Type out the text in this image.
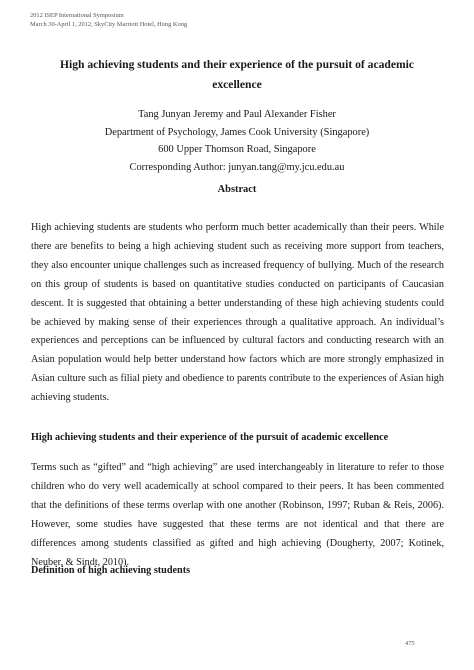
2012 ISEP International Symposium
March 30-April 1, 2012, SkyCity Marriott Hotel, Hong Kong
High achieving students and their experience of the pursuit of academic excellence
Tang Junyan Jeremy and Paul Alexander Fisher
Department of Psychology, James Cook University (Singapore)
600 Upper Thomson Road, Singapore
Corresponding Author: junyan.tang@my.jcu.edu.au
Abstract
High achieving students are students who perform much better academically than their peers. While there are benefits to being a high achieving student such as receiving more support from teachers, they also encounter unique challenges such as increased frequency of bullying. Much of the research on this group of students is based on quantitative studies conducted on participants of Caucasian descent. It is suggested that obtaining a better understanding of these high achieving students could be achieved by making sense of their experiences through a qualitative approach. An individual’s experiences and perceptions can be influenced by cultural factors and conducting research with an Asian population would help better understand how factors which are more strongly emphasized in Asian culture such as filial piety and obedience to parents contribute to the experiences of Asian high achieving students.
High achieving students and their experience of the pursuit of academic excellence
Terms such as “gifted” and “high achieving” are used interchangeably in literature to refer to those children who do very well academically at school compared to their peers. It has been commented that the definitions of these terms overlap with one another (Robinson, 1997; Ruban & Reis, 2006). However, some studies have suggested that these terms are not identical and that there are differences among students classified as gifted and high achieving (Dougherty, 2007; Kotinek, Neuber, & Sindt, 2010).
Definition of high achieving students
475
